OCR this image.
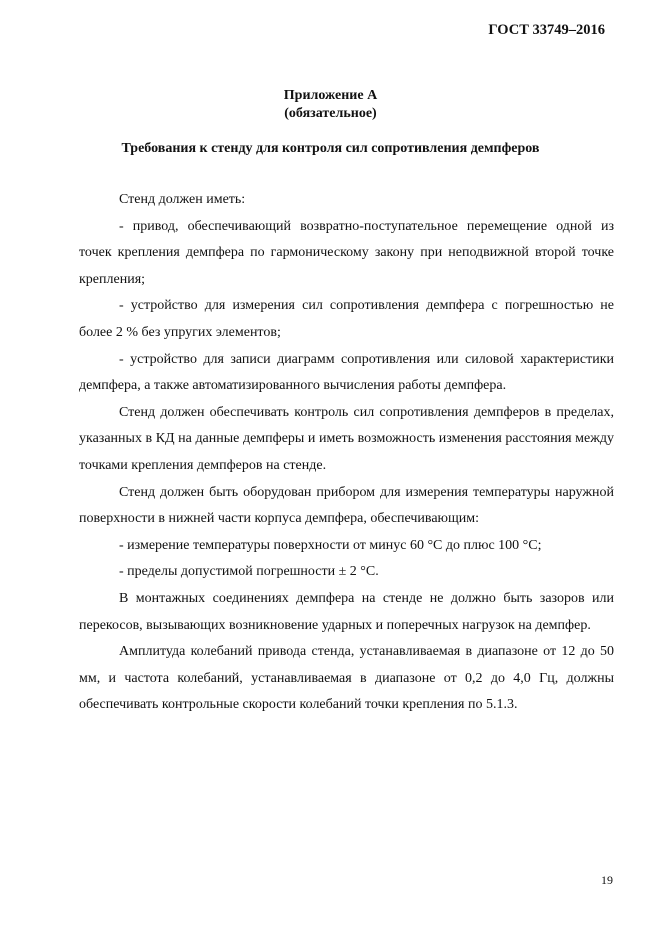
ГОСТ 33749–2016
Приложение А
(обязательное)
Требования к стенду для контроля сил сопротивления демпферов

Стенд должен иметь:

- привод, обеспечивающий возвратно-поступательное перемещение одной из точек крепления демпфера по гармоническому закону при неподвижной второй точке крепления;

- устройство для измерения сил сопротивления демпфера с погрешностью не более 2 % без упругих элементов;

- устройство для записи диаграмм сопротивления или силовой характеристики демпфера, а также автоматизированного вычисления работы демпфера.

Стенд должен обеспечивать контроль сил сопротивления демпферов в пределах, указанных в КД на данные демпферы и иметь возможность изменения расстояния между точками крепления демпферов на стенде.

Стенд должен быть оборудован прибором для измерения температуры наружной поверхности в нижней части корпуса демпфера, обеспечивающим:

- измерение температуры поверхности от минус 60 °С до плюс 100 °С;

- пределы допустимой погрешности ± 2 °С.

В монтажных соединениях демпфера на стенде не должно быть зазоров или перекосов, вызывающих возникновение ударных и поперечных нагрузок на демпфер.

Амплитуда колебаний привода стенда, устанавливаемая в диапазоне от 12 до 50 мм, и частота колебаний, устанавливаемая в диапазоне от 0,2 до 4,0 Гц, должны обеспечивать контрольные скорости колебаний точки крепления по 5.1.3.

19
